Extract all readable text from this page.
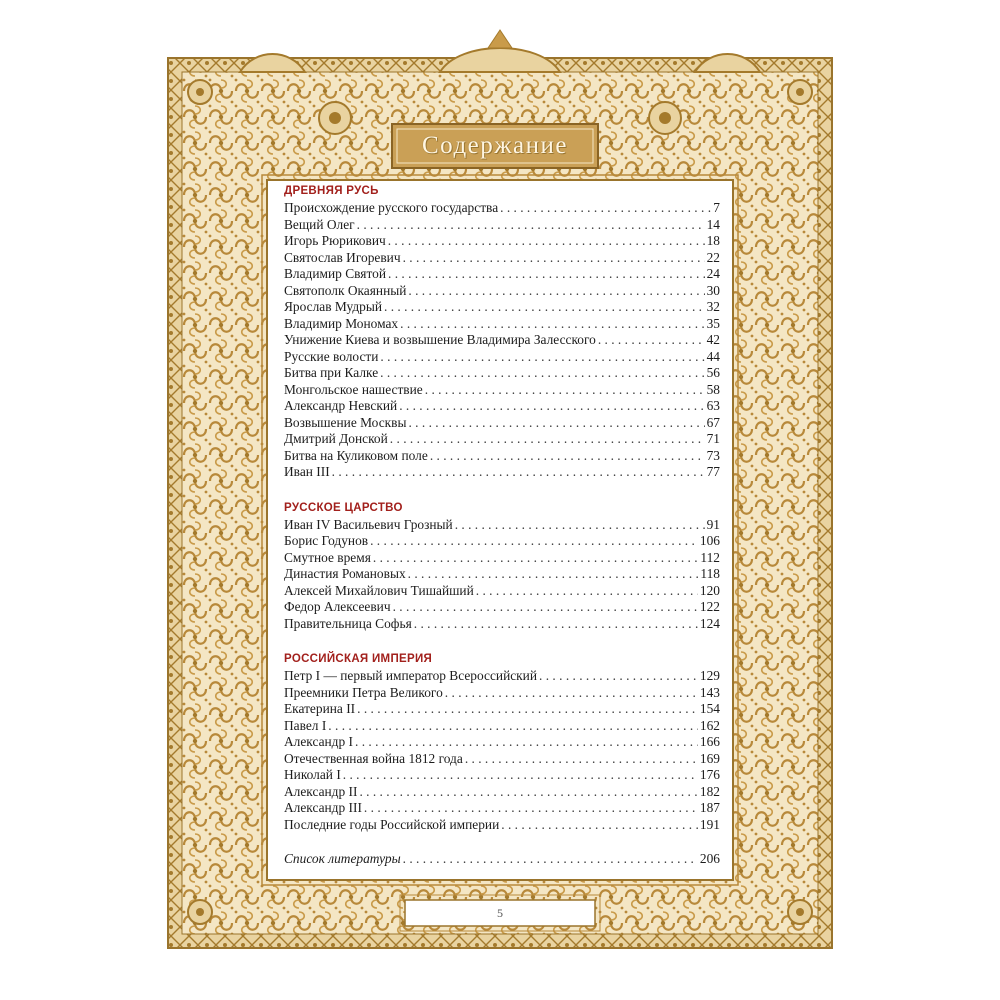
Содержание
ДРЕВНЯЯ РУСЬ
Происхождение русского государства . . .	7
Вещий Олег . . .	14
Игорь Рюрикович . . .	18
Святослав Игоревич . . .	22
Владимир Святой . . .	24
Святополк Окаянный . . .	30
Ярослав Мудрый . . .	32
Владимир Мономах . . .	35
Унижение Киева и возвышение Владимира Залесского . . .	42
Русские волости . . .	44
Битва при Калке . . .	56
Монгольское нашествие . . .	58
Александр Невский . . .	63
Возвышение Москвы . . .	67
Дмитрий Донской . . .	71
Битва на Куликовом поле . . .	73
Иван III . . .	77
РУССКОЕ ЦАРСТВО
Иван IV Васильевич Грозный . . .	91
Борис Годунов . . .	106
Смутное время . . .	112
Династия Романовых . . .	118
Алексей Михайлович Тишайший . . .	120
Федор Алексеевич . . .	122
Правительница Софья . . .	124
РОССИЙСКАЯ ИМПЕРИЯ
Петр I — первый император Всероссийский . . .	129
Преемники Петра Великого . . .	143
Екатерина II . . .	154
Павел I . . .	162
Александр I . . .	166
Отечественная война 1812 года . . .	169
Николай I . . .	176
Александр II . . .	182
Александр III . . .	187
Последние годы Российской империи . . .	191
Список литературы . . .	206
5
